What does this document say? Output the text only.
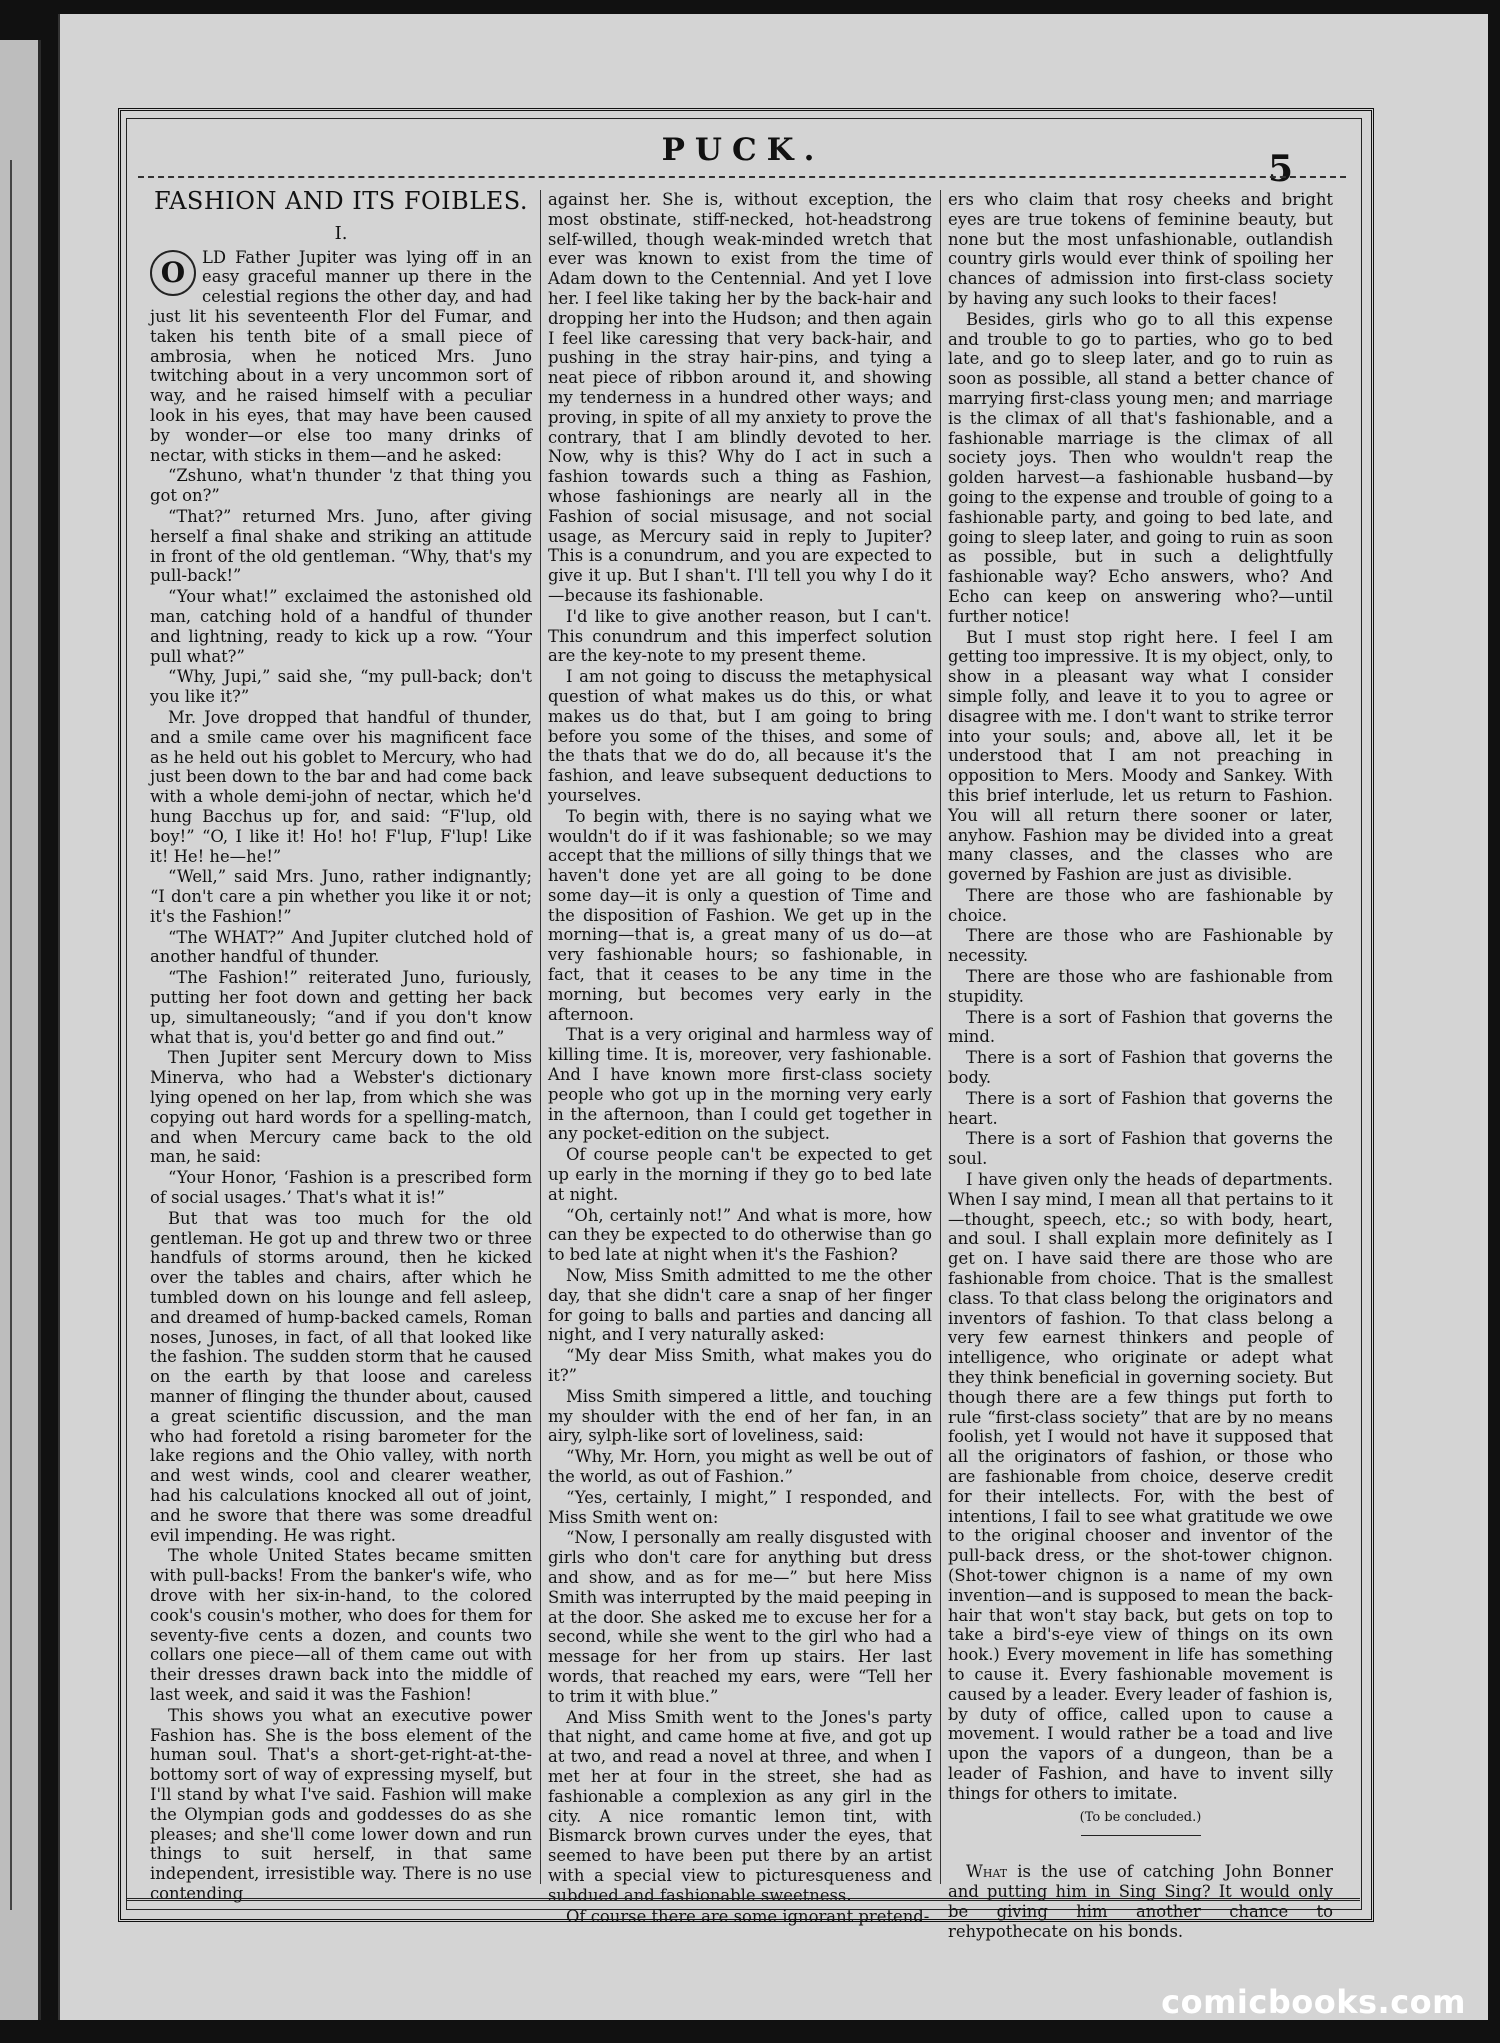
PUCK.	5
FASHION AND ITS FOIBLES.
I.
O	LD Father Jupiter was lying off in an easy graceful manner up there in the celestial regions the other day, and had just lit his seventeenth Flor del Fumar, and taken his tenth bite of a small piece of ambrosia, when he noticed Mrs. Juno twitching about in a very uncommon sort of way, and he raised himself with a peculiar look in his eyes, that may have been caused by wonder—or else too many drinks of nectar, with sticks in them—and he asked:

“Zshuno, what'n thunder 'z that thing you got on?”

“That?” returned Mrs. Juno, after giving herself a final shake and striking an attitude in front of the old gentleman. “Why, that's my pull-back!”

“Your what!” exclaimed the astonished old man, catching hold of a handful of thunder and lightning, ready to kick up a row. “Your pull what?”

“Why, Jupi,” said she, “my pull-back; don't you like it?”

Mr. Jove dropped that handful of thunder, and a smile came over his magnificent face as he held out his goblet to Mercury, who had just been down to the bar and had come back with a whole demi-john of nectar, which he'd hung Bacchus up for, and said: “F'lup, old boy!” “O, I like it! Ho! ho! F'lup, F'lup! Like it! He! he—he!”

“Well,” said Mrs. Juno, rather indignantly; “I don't care a pin whether you like it or not; it's the Fashion!”

“The WHAT?” And Jupiter clutched hold of another handful of thunder.

“The Fashion!” reiterated Juno, furiously, putting her foot down and getting her back up, simultaneously; “and if you don't know what that is, you'd better go and find out.”

Then Jupiter sent Mercury down to Miss Minerva, who had a Webster's dictionary lying opened on her lap, from which she was copying out hard words for a spelling-match, and when Mercury came back to the old man, he said:

“Your Honor, ‘Fashion is a prescribed form of social usages.’ That's what it is!”

But that was too much for the old gentleman. He got up and threw two or three handfuls of storms around, then he kicked over the tables and chairs, after which he tumbled down on his lounge and fell asleep, and dreamed of hump-backed camels, Roman noses, Junoses, in fact, of all that looked like the fashion. The sudden storm that he caused on the earth by that loose and careless manner of flinging the thunder about, caused a great scientific discussion, and the man who had foretold a rising barometer for the lake regions and the Ohio valley, with north and west winds, cool and clearer weather, had his calculations knocked all out of joint, and he swore that there was some dreadful evil impending. He was right.

The whole United States became smitten with pull-backs! From the banker's wife, who drove with her six-in-hand, to the colored cook's cousin's mother, who does for them for seventy-five cents a dozen, and counts two collars one piece—all of them came out with their dresses drawn back into the middle of last week, and said it was the Fashion!

This shows you what an executive power Fashion has. She is the boss element of the human soul. That's a short-get-right-at-the-bottomy sort of way of expressing myself, but I'll stand by what I've said. Fashion will make the Olympian gods and goddesses do as she pleases; and she'll come lower down and run things to suit herself, in that same independent, irresistible way. There is no use contending

against her. She is, without exception, the most obstinate, stiff-necked, hot-headstrong self-willed, though weak-minded wretch that ever was known to exist from the time of Adam down to the Centennial. And yet I love her. I feel like taking her by the back-hair and dropping her into the Hudson; and then again I feel like caressing that very back-hair, and pushing in the stray hair-pins, and tying a neat piece of ribbon around it, and showing my tenderness in a hundred other ways; and proving, in spite of all my anxiety to prove the contrary, that I am blindly devoted to her. Now, why is this? Why do I act in such a fashion towards such a thing as Fashion, whose fashionings are nearly all in the Fashion of social misusage, and not social usage, as Mercury said in reply to Jupiter? This is a conundrum, and you are expected to give it up. But I shan't. I'll tell you why I do it—because its fashionable.

I'd like to give another reason, but I can't. This conundrum and this imperfect solution are the key-note to my present theme.

I am not going to discuss the metaphysical question of what makes us do this, or what makes us do that, but I am going to bring before you some of the thises, and some of the thats that we do do, all because it's the fashion, and leave subsequent deductions to yourselves.

To begin with, there is no saying what we wouldn't do if it was fashionable; so we may accept that the millions of silly things that we haven't done yet are all going to be done some day—it is only a question of Time and the disposition of Fashion. We get up in the morning—that is, a great many of us do—at very fashionable hours; so fashionable, in fact, that it ceases to be any time in the morning, but becomes very early in the afternoon.

That is a very original and harmless way of killing time. It is, moreover, very fashionable. And I have known more first-class society people who got up in the morning very early in the afternoon, than I could get together in any pocket-edition on the subject.

Of course people can't be expected to get up early in the morning if they go to bed late at night.

“Oh, certainly not!” And what is more, how can they be expected to do otherwise than go to bed late at night when it's the Fashion?

Now, Miss Smith admitted to me the other day, that she didn't care a snap of her finger for going to balls and parties and dancing all night, and I very naturally asked:

“My dear Miss Smith, what makes you do it?”

Miss Smith simpered a little, and touching my shoulder with the end of her fan, in an airy, sylph-like sort of loveliness, said:

“Why, Mr. Horn, you might as well be out of the world, as out of Fashion.”

“Yes, certainly, I might,” I responded, and Miss Smith went on:

“Now, I personally am really disgusted with girls who don't care for anything but dress and show, and as for me—” but here Miss Smith was interrupted by the maid peeping in at the door. She asked me to excuse her for a second, while she went to the girl who had a message for her from up stairs. Her last words, that reached my ears, were “Tell her to trim it with blue.”

And Miss Smith went to the Jones's party that night, and came home at five, and got up at two, and read a novel at three, and when I met her at four in the street, she had as fashionable a complexion as any girl in the city. A nice romantic lemon tint, with Bismarck brown curves under the eyes, that seemed to have been put there by an artist with a special view to picturesqueness and subdued and fashionable sweetness.

Of course there are some ignorant pretend-

ers who claim that rosy cheeks and bright eyes are true tokens of feminine beauty, but none but the most unfashionable, outlandish country girls would ever think of spoiling her chances of admission into first-class society by having any such looks to their faces!

Besides, girls who go to all this expense and trouble to go to parties, who go to bed late, and go to sleep later, and go to ruin as soon as possible, all stand a better chance of marrying first-class young men; and marriage is the climax of all that's fashionable, and a fashionable marriage is the climax of all society joys. Then who wouldn't reap the golden harvest—a fashionable husband—by going to the expense and trouble of going to a fashionable party, and going to bed late, and going to sleep later, and going to ruin as soon as possible, but in such a delightfully fashionable way? Echo answers, who? And Echo can keep on answering who?—until further notice!

But I must stop right here. I feel I am getting too impressive. It is my object, only, to show in a pleasant way what I consider simple folly, and leave it to you to agree or disagree with me. I don't want to strike terror into your souls; and, above all, let it be understood that I am not preaching in opposition to Mers. Moody and Sankey. With this brief interlude, let us return to Fashion. You will all return there sooner or later, anyhow. Fashion may be divided into a great many classes, and the classes who are governed by Fashion are just as divisible.

There are those who are fashionable by choice.

There are those who are Fashionable by necessity.

There are those who are fashionable from stupidity.

There is a sort of Fashion that governs the mind.

There is a sort of Fashion that governs the body.

There is a sort of Fashion that governs the heart.

There is a sort of Fashion that governs the soul.

I have given only the heads of departments. When I say mind, I mean all that pertains to it—thought, speech, etc.; so with body, heart, and soul. I shall explain more definitely as I get on. I have said there are those who are fashionable from choice. That is the smallest class. To that class belong the originators and inventors of fashion. To that class belong a very few earnest thinkers and people of intelligence, who originate or adept what they think beneficial in governing society. But though there are a few things put forth to rule “first-class society” that are by no means foolish, yet I would not have it supposed that all the originators of fashion, or those who are fashionable from choice, deserve credit for their intellects. For, with the best of intentions, I fail to see what gratitude we owe to the original chooser and inventor of the pull-back dress, or the shot-tower chignon. (Shot-tower chignon is a name of my own invention—and is supposed to mean the back-hair that won't stay back, but gets on top to take a bird's-eye view of things on its own hook.) Every movement in life has something to cause it. Every fashionable movement is caused by a leader. Every leader of fashion is, by duty of office, called upon to cause a movement. I would rather be a toad and live upon the vapors of a dungeon, than be a leader of Fashion, and have to invent silly things for others to imitate.

(To be concluded.)

What is the use of catching John Bonner and putting him in Sing Sing? It would only be giving him another chance to rehypothecate on his bonds.

comicbooks.com
